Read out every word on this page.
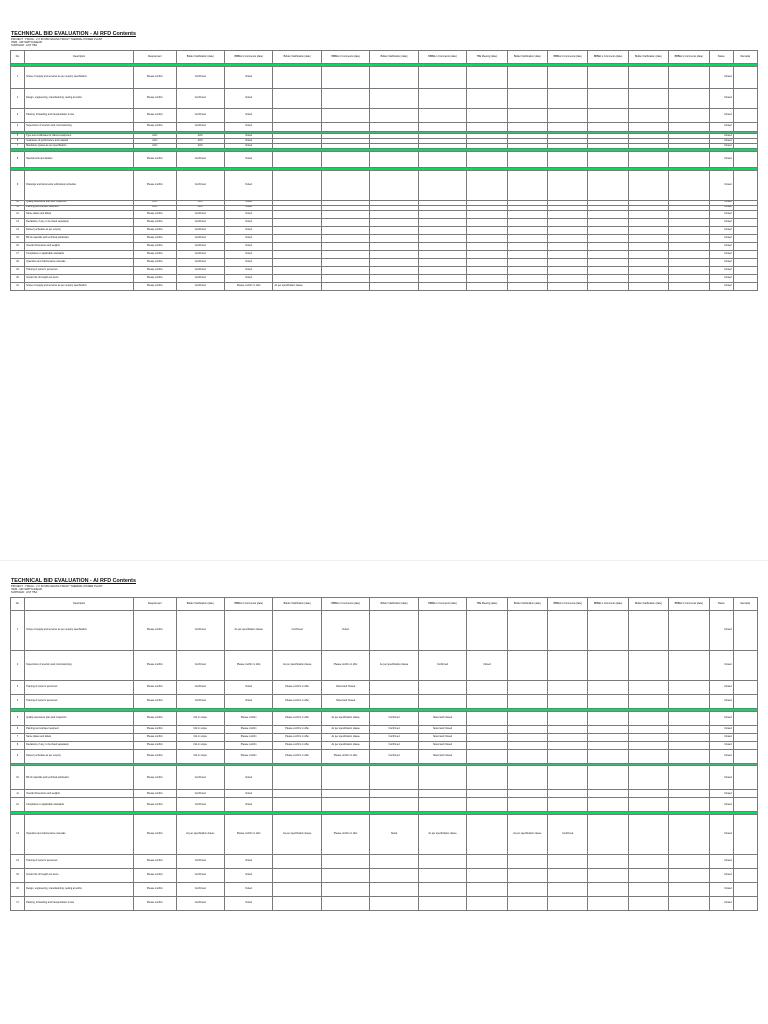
TECHNICAL BID EVALUATION - AI RFD Contents
PROJECT : TRICHI - 2 X 60 MW NAGINA TRICHY THERMAL POWER PLANT
ITEM : AIR SWITCHGEAR
SUPPLIER : LIST TBA
No.	Description	Requirement	Bidder Clarification (date)	BBBEL's Comments (date)	Bidder Clarification (date)	BBBEL's Comments (date)	Bidder Clarification (date)	BBBEL's Comments (date)	TBE Meeting (date)	Bidder Clarification (date)	BBBEL's Comments (date)	BBBEL's Comments (date)	Bidder Clarification (date)	BBBEL's Comments (date)	Status	Remarks

1	Scope of supply and services as per enquiry specification	Please confirm	Confirmed	Noted											Closed	
2	Design, engineering, manufacturing, testing at works	Please confirm	Confirmed	Noted											Closed	
3	Packing, forwarding and transportation to site	Please confirm	Confirmed	Noted											Closed	
4	Supervision of erection and commissioning	Please confirm	Confirmed	Noted											Closed	

5	Type test certificates for offered equipment	ACC	ACC	Noted											Closed	
6	Guarantee of performance and material	ACC	ACC	Noted											Closed	
7	Mandatory spares as per specification	ACC	ACC	Noted											Closed	

8	Special tools and tackles	Please confirm	Confirmed	Noted											Closed	

9	Drawings and documents submission schedule	Please confirm	Confirmed	Noted											Closed	
10	Quality assurance plan and inspection	ACC	ACC	Noted											Closed	
11	Painting and surface treatment	ACC	ACC	Noted											Closed	
12	Name plates and labels	Please confirm	Confirmed	Noted											Closed	
13	Deviations, if any, to be listed separately	Please confirm	Confirmed	Noted											Closed	
14	Delivery schedule as per enquiry	Please confirm	Confirmed	Noted											Closed	
15	Bill of materials and technical particulars	Please confirm	Confirmed	Noted											Closed	
16	Overall dimensions and weights	Please confirm	Confirmed	Noted											Closed	
17	Compliance to applicable standards	Please confirm	Confirmed	Noted											Closed	
18	Operation and maintenance manuals	Please confirm	Confirmed	Noted											Closed	
19	Training of owner's personnel	Please confirm	Confirmed	Noted											Closed	
20	Vendor list of bought-out items	Please confirm	Confirmed	Noted											Closed	
21	Scope of supply and services as per enquiry specification	Please confirm	Confirmed	Please confirm in offer	As per specification clause										Closed	
TECHNICAL BID EVALUATION - AI RFD Contents
PROJECT : TRICHI - 2 X 60 MW NAGINA TRICHY THERMAL POWER PLANT
ITEM : AIR SWITCHGEAR
SUPPLIER : LIST TBA
No.	Description	Requirement	Bidder Clarification (date)	BBBEL's Comments (date)	Bidder Clarification (date)	BBBEL's Comments (date)	Bidder Clarification (date)	BBBEL's Comments (date)	TBE Meeting (date)	Bidder Clarification (date)	BBBEL's Comments (date)	BBBEL's Comments (date)	Bidder Clarification (date)	BBBEL's Comments (date)	Status	Remarks
1	Scope of supply and services as per enquiry specification	Please confirm	Confirmed	As per specification clause	Confirmed	Noted									Closed	
2	Supervision of erection and commissioning	Please confirm	Confirmed	Please confirm in offer	As per specification clause	Please confirm in offer	As per specification clause	Confirmed	Closed						Closed	
3	Training of owner's personnel	Please confirm	Confirmed	Noted	Please confirm in offer	Noted and Closed									Closed	
4	Training of owner's personnel	Please confirm	Confirmed	Noted	Please confirm in offer	Noted and Closed									Closed	

5	Quality assurance plan and inspection	Please confirm	Not in scope	Please confirm	Please confirm in offer	As per specification clause	Confirmed	Noted and Closed							Closed	
6	Painting and surface treatment	Please confirm	Not in scope	Please confirm	Please confirm in offer	As per specification clause	Confirmed	Noted and Closed							Closed	
7	Name plates and labels	Please confirm	Not in scope	Please confirm	Please confirm in offer	As per specification clause	Confirmed	Noted and Closed							Closed	
8	Deviations, if any, to be listed separately	Please confirm	Not in scope	Please confirm	Please confirm in offer	As per specification clause	Confirmed	Noted and Closed							Closed	
9	Delivery schedule as per enquiry	Please confirm	Not in scope	Please confirm	Please confirm in offer	Please confirm in offer	Confirmed	Noted and Closed							Closed	

10	Bill of materials and technical particulars	Please confirm	Confirmed	Noted											Closed	
11	Overall dimensions and weights	Please confirm	Confirmed	Noted											Closed	
12	Compliance to applicable standards	Please confirm	Confirmed	Noted											Closed	

13	Operation and maintenance manuals	Please confirm	As per specification clause	Please confirm in offer	As per specification clause	Please confirm in offer	Noted	As per specification clause		As per specification clause	Confirmed				Closed	
14	Training of owner's personnel	Please confirm	Confirmed	Noted											Closed	
15	Vendor list of bought-out items	Please confirm	Confirmed	Noted											Closed	
16	Design, engineering, manufacturing, testing at works	Please confirm	Confirmed	Noted											Closed	
17	Packing, forwarding and transportation to site	Please confirm	Confirmed	Noted											Closed	
